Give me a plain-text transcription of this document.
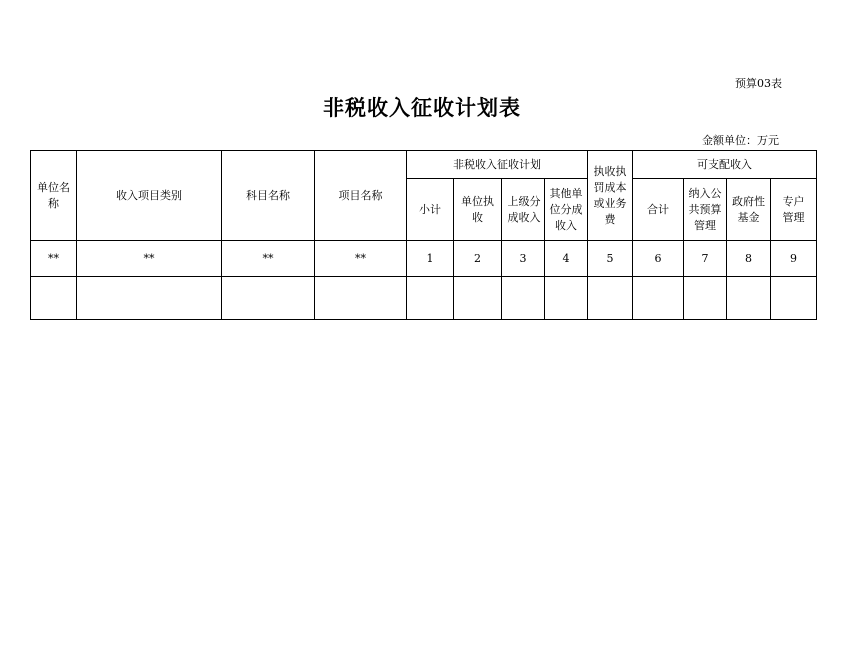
预算03表
非税收入征收计划表
金额单位：万元
单位名称	收入项目类别	科目名称	项目名称	非税收入征收计划				执收执罚成本或业务费	可支配收入			
				小计	单位执收	上级分成收入	其他单位分成收入		合计	纳入公共预算管理	政府性基金	专户管理

**	**	**	**	1	2	3	4	5	6	7	8	9
